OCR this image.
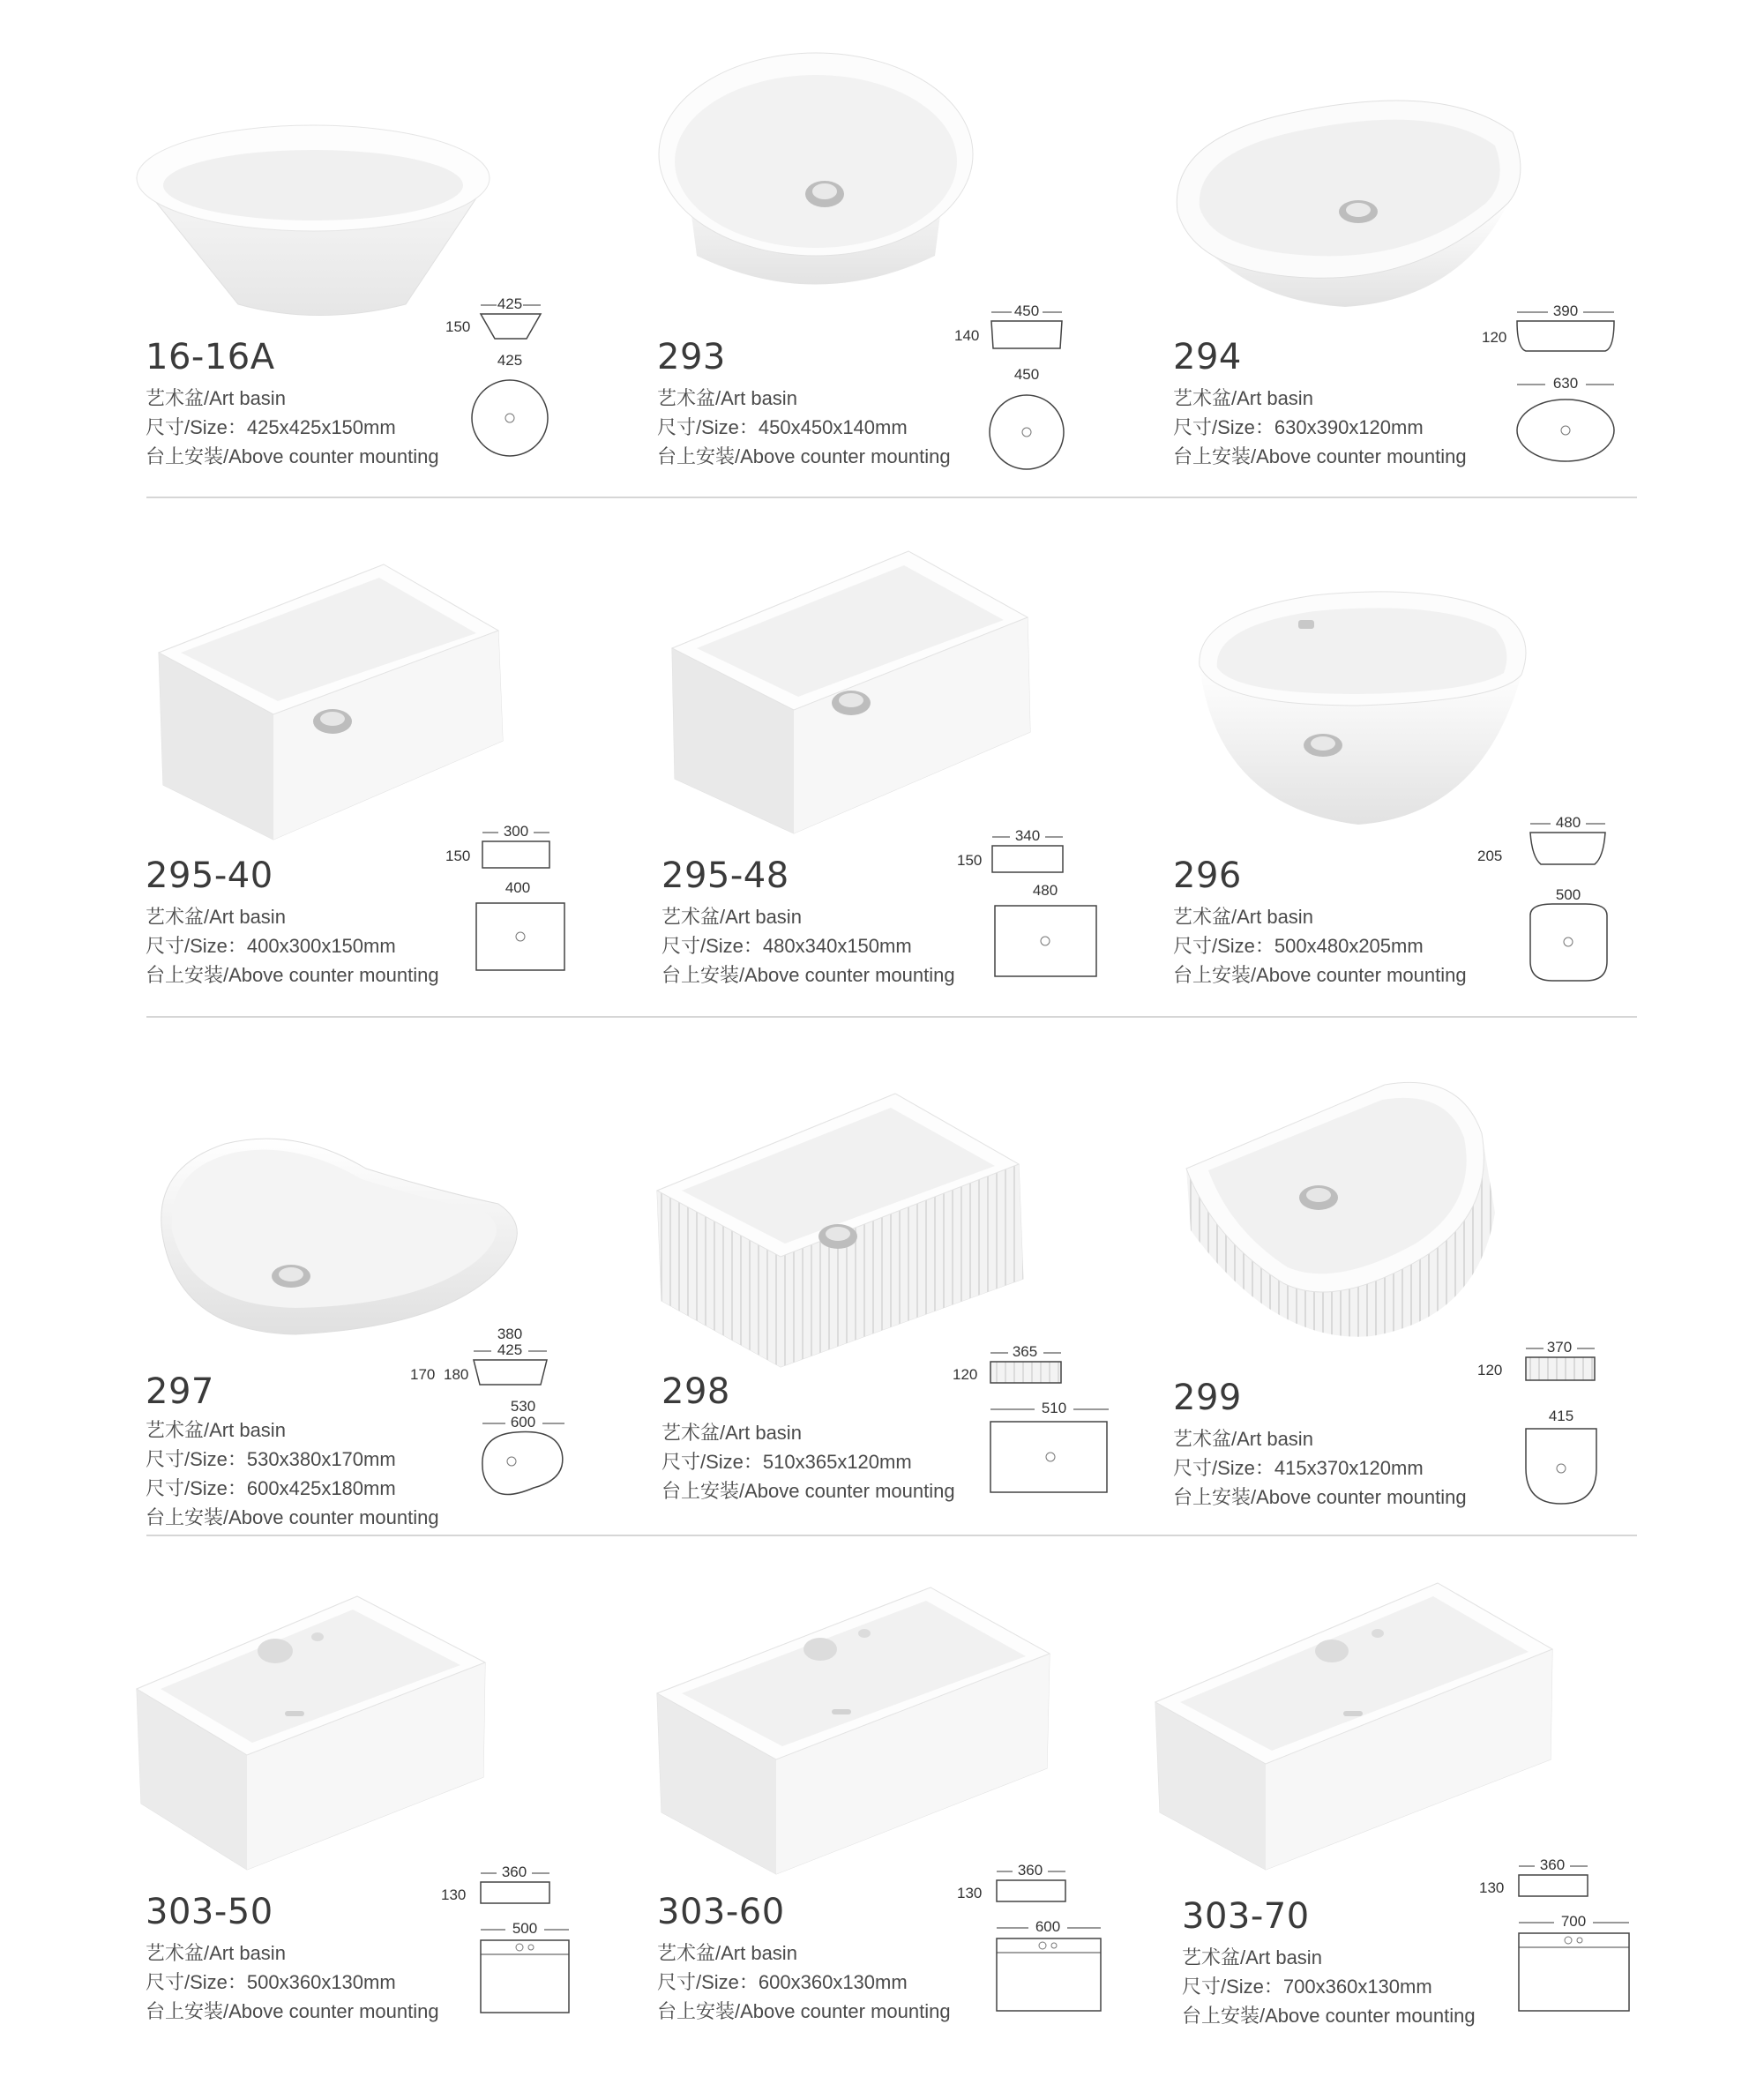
16-16A
艺术盆/Art basin
尺寸/Size：425x425x150mm
台上安装/Above counter mounting
425
150
425	293
艺术盆/Art basin
尺寸/Size：450x450x140mm
台上安装/Above counter mounting
450
140
450	294
艺术盆/Art basin
尺寸/Size：630x390x120mm
台上安装/Above counter mounting
390
120
630
295-40
艺术盆/Art basin
尺寸/Size：400x300x150mm
台上安装/Above counter mounting
300
150
400	295-48
艺术盆/Art basin
尺寸/Size：480x340x150mm
台上安装/Above counter mounting
340
150
480	296
艺术盆/Art basin
尺寸/Size：500x480x205mm
台上安装/Above counter mounting
480
205
500
297
艺术盆/Art basin
尺寸/Size：530x380x170mm
尺寸/Size：600x425x180mm
台上安装/Above counter mounting
380
425
170 180
530
600
298
艺术盆/Art basin
尺寸/Size：510x365x120mm
台上安装/Above counter mounting
365
120
510	299
艺术盆/Art basin
尺寸/Size：415x370x120mm
台上安装/Above counter mounting
370
120
415
303-50
艺术盆/Art basin
尺寸/Size：500x360x130mm
台上安装/Above counter mounting
360
130
500	303-60
艺术盆/Art basin
尺寸/Size：600x360x130mm
台上安装/Above counter mounting
360
130
600	303-70
艺术盆/Art basin
尺寸/Size：700x360x130mm
台上安装/Above counter mounting
360
130
700
